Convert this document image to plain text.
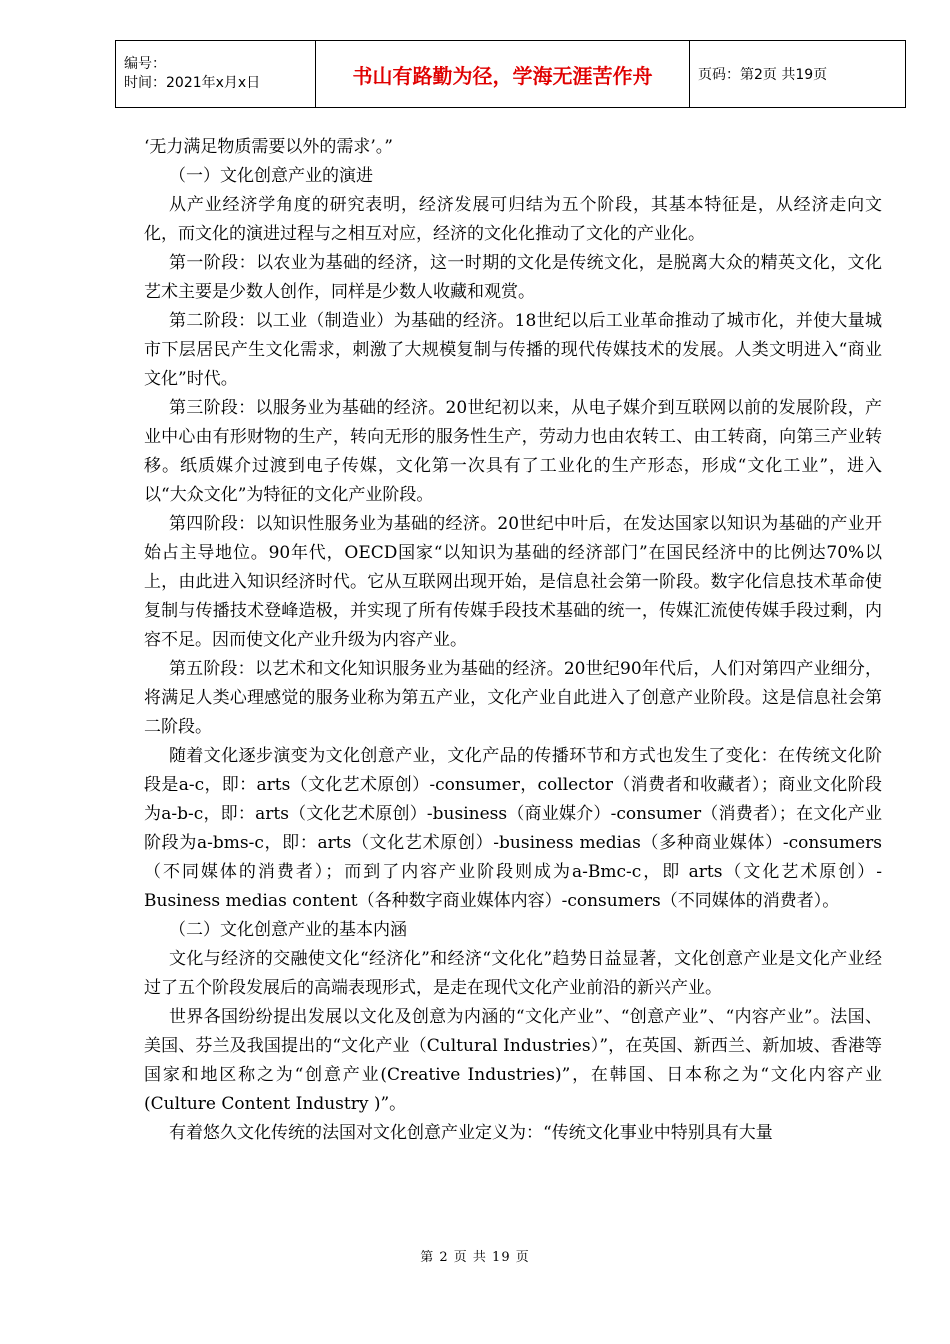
编号：
时间：2021年x月x日	书山有路勤为径，学海无涯苦作舟	页码：第2页 共19页

‘无力满足物质需要以外的需求’。”

（一）文化创意产业的演进

从产业经济学角度的研究表明，经济发展可归结为五个阶段，其基本特征是，从经济走向文化，而文化的演进过程与之相互对应，经济的文化化推动了文化的产业化。

第一阶段：以农业为基础的经济，这一时期的文化是传统文化，是脱离大众的精英文化，文化艺术主要是少数人创作，同样是少数人收藏和观赏。

第二阶段：以工业（制造业）为基础的经济。18世纪以后工业革命推动了城市化，并使大量城市下层居民产生文化需求，刺激了大规模复制与传播的现代传媒技术的发展。人类文明进入“商业文化”时代。

第三阶段：以服务业为基础的经济。20世纪初以来，从电子媒介到互联网以前的发展阶段，产业中心由有形财物的生产，转向无形的服务性生产，劳动力也由农转工、由工转商，向第三产业转移。纸质媒介过渡到电子传媒，文化第一次具有了工业化的生产形态，形成“文化工业”，进入以“大众文化”为特征的文化产业阶段。

第四阶段：以知识性服务业为基础的经济。20世纪中叶后，在发达国家以知识为基础的产业开始占主导地位。90年代，OECD国家“以知识为基础的经济部门”在国民经济中的比例达70%以上，由此进入知识经济时代。它从互联网出现开始，是信息社会第一阶段。数字化信息技术革命使复制与传播技术登峰造极，并实现了所有传媒手段技术基础的统一，传媒汇流使传媒手段过剩，内容不足。因而使文化产业升级为内容产业。

第五阶段：以艺术和文化知识服务业为基础的经济。20世纪90年代后，人们对第四产业细分，将满足人类心理感觉的服务业称为第五产业，文化产业自此进入了创意产业阶段。这是信息社会第二阶段。

随着文化逐步演变为文化创意产业，文化产品的传播环节和方式也发生了变化：在传统文化阶段是a-c，即：arts（文化艺术原创）-consumer，collector（消费者和收藏者）；商业文化阶段为a-b-c，即：arts（文化艺术原创）-business（商业媒介）-consumer（消费者）；在文化产业阶段为a-bms-c，即：arts（文化艺术原创）-business medias（多种商业媒体）-consumers（不同媒体的消费者）；而到了内容产业阶段则成为a-Bmc-c，即 arts（文化艺术原创）-Business medias content（各种数字商业媒体内容）-consumers（不同媒体的消费者）。

（二）文化创意产业的基本内涵

文化与经济的交融使文化“经济化”和经济“文化化”趋势日益显著，文化创意产业是文化产业经过了五个阶段发展后的高端表现形式，是走在现代文化产业前沿的新兴产业。

世界各国纷纷提出发展以文化及创意为内涵的“文化产业”、“创意产业”、“内容产业”。法国、美国、芬兰及我国提出的“文化产业（Cultural Industries）”，在英国、新西兰、新加坡、香港等国家和地区称之为“创意产业(Creative Industries)”，在韩国、日本称之为“文化内容产业(Culture Content Industry )”。

有着悠久文化传统的法国对文化创意产业定义为：“传统文化事业中特别具有大量

第 2 页 共 19 页
